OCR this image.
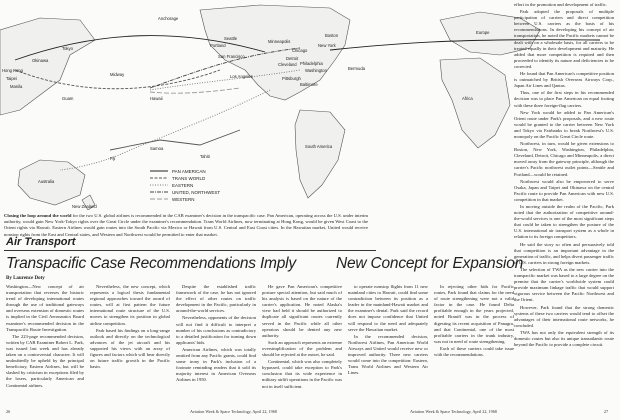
San Francisco
Los Angeles
Minneapolis
Seattle
Chicago
New York
Philadelphia
Washington
Boston
Detroit
Cleveland
Pittsburgh
Portland
Baltimore
Anchorage
Hong Kong
Manila
Guam	Hawaii
Midway
Samoa
Australia
New Zealand
South America
Tahiti
Fiji
Tokyo
Okinawa
Taipei
Africa
Bermuda
Europe
PAN AMERICAN
TRANS WORLD
EASTERN
UNITED, NORTHWEST
WESTERN
Closing the loop around the world for the two U.S. global airlines is recommended in the CAB examiner's decision in the transpacific case. Pan American, operating across the U.S. under interim authority, would gain New York-Tokyo rights over the Great Circle under the examiner's recommendation. Trans World Airlines, now terminating at Hong Kong, would be given West Coast to the Orient rights via Hawaii. Eastern Airlines would gain routes into the South Pacific via Mexico or Hawaii from U.S. Central and East Coast cities. In the Hawaiian market, United would receive nonstop rights from the East and Central states, and Western and Northwest would be permitted to enter that market.
Air Transport
Transpacific Case Recommendations Imply	New Concept for Expansion
By Laurence Doty

Washington—New concept of air transportation that reverses the historic trend of developing international routes through the use of traditional gateways and overseas extension of domestic routes is implied in the Civil Aeronautics Board examiner's recommended decision in the Transpacific Route Investigation.

The 223-page recommended decision, written by CAB Examiner Robert L. Park, was issued last week and has already taken on a controversial character. It will undoubtedly be upheld by the principal beneficiary, Eastern Airlines, but will be slashed by criticism in exceptions filed by the losers, particularly American and Continental airlines.

Nevertheless, the new concept, which represents a logical thesis fundamental regional approaches toward the award of routes, will at first pattern the future international route structure of the U.S. moves to strengthen its position in global airline competition.

Park based his findings on a long-range outlook and directly on the technological advances of the jet aircraft and his supported his views with an array of figures and factors which will bear directly on future traffic growth in the Pacific basin.

Despite the established traffic framework of the case, he has not ignored the effect of other routes on traffic development in the Pacific, particularly in around-the-world services.

Nevertheless, opponents of the decision will not find it difficult to interpret a number of his conclusions as contradictory to a detailed justification for turning down applicants' bids.

American Airlines, which was totally omitted from any Pacific grants, could find some irony in Park's inclusion of a footnote reminding readers that it sold its majority interest in American Overseas Airlines in 1950.

He gave Pan American's competitive posture special attention, but said much of his analysis is based on the nature of the carrier's application. He noted Alaska's view had held it should be authorized to duplicate all significant routes currently served in the Pacific while all other operators should be denied any new authority.

Such an approach represents an extreme oversimplification of the problem and should be rejected at the outset, he said.

Continental, which was also completely bypassed, could take exception to Park's conclusion that its wide experience in military airlift operations in the Pacific was not in itself sufficient.

to operate nonstop flights from 11 new mainland cities to Hawaii, could find some contradiction between its position as a leader in the mainland-Hawaii market and the examiner's denial. Park said the record does not impose confidence that United will respond to the need and adequately serve the Hawaiian market.

In the recommended decision, Northwest Airlines, Pan American World Airways and United would receive new or improved authority. Three new carriers would come into the competition: Eastern, Trans World Airlines and Western Air Lines.

In rejecting other bids for Pacific routes, Park found that claims for the need of route strengthening were not a valid factor in the case. He found Delta profitable enough in the years projected, noted Braniff was in the process of digesting its recent acquisition of Panagra, and that Continental, one of the most profitable carriers in the trunk industry, was not in need of route strengthening.

Each of these carriers could take issue with the recommendations.

effort in the promotion and development of traffic.

Park adopted the proposals of multiple participation of carriers and direct competition between U.S. carriers as the basis of his recommendations. In developing his concept of air transportation, he noted the Pacific markets cannot be dealt with on a wholesale basis, for all carriers to be treated equally in their development and maturity. He added that more competition is required and then proceeded to identify its nature and deficiencies to be corrected.

He found that Pan American's competitive position is outmatched by British Overseas Airways Corp., Japan Air Lines and Qantas.

Thus, one of the first steps in his recommended decision was to place Pan American on equal footing with these three foreign-flag carriers.

New York would be added to Pan American's Orient route under Park's proposals, and a new route would be granted to the carrier between New York and Tokyo via Fairbanks to break Northwest's U.S. monopoly on the Pacific Great Circle route.

Northwest, in turn, would be given extensions to Boston, New York, Washington, Philadelphia, Cleveland, Detroit, Chicago and Minneapolis, a direct moved away from the gateway principle, although the carrier's Pacific northwest outlet points—Seattle and Portland—would be retained.

Northwest would also be empowered to serve Osaka, Japan and Taipei and Okinawa on the central Pacific route to provide Pan American with new U.S. competition in that market.

In moving outside the realm of the Pacific, Park noted that the authorization of competitive around-the-world services is one of the most significant steps that could be taken to strengthen the posture of the U.S. international air transport system as a whole in relation to its foreign competitors.

He said the story so often and persuasively told that competition is an important advantage in the generation of traffic, and helps divert passenger traffic to U.S. carriers in strong foreign markets.

The selection of TWA as the new carrier into the transpacific market was based to a large degree on the premise that the carrier's worldwide system could provide maximum linkage traffic that would support vigorous service between the Pacific Northwest and the Orient.

However, Park found that the strong domestic systems of these two carriers would tend to offset the advantages of their international route networks, he concluded.

TWA has not only the equivalent strength of its domestic routes but also its unique transatlantic route beyond the Pacific to provide a complete circuit.

26	Aviation Week & Space Technology, April 22, 1968	Aviation Week & Space Technology, April 22, 1968	27
